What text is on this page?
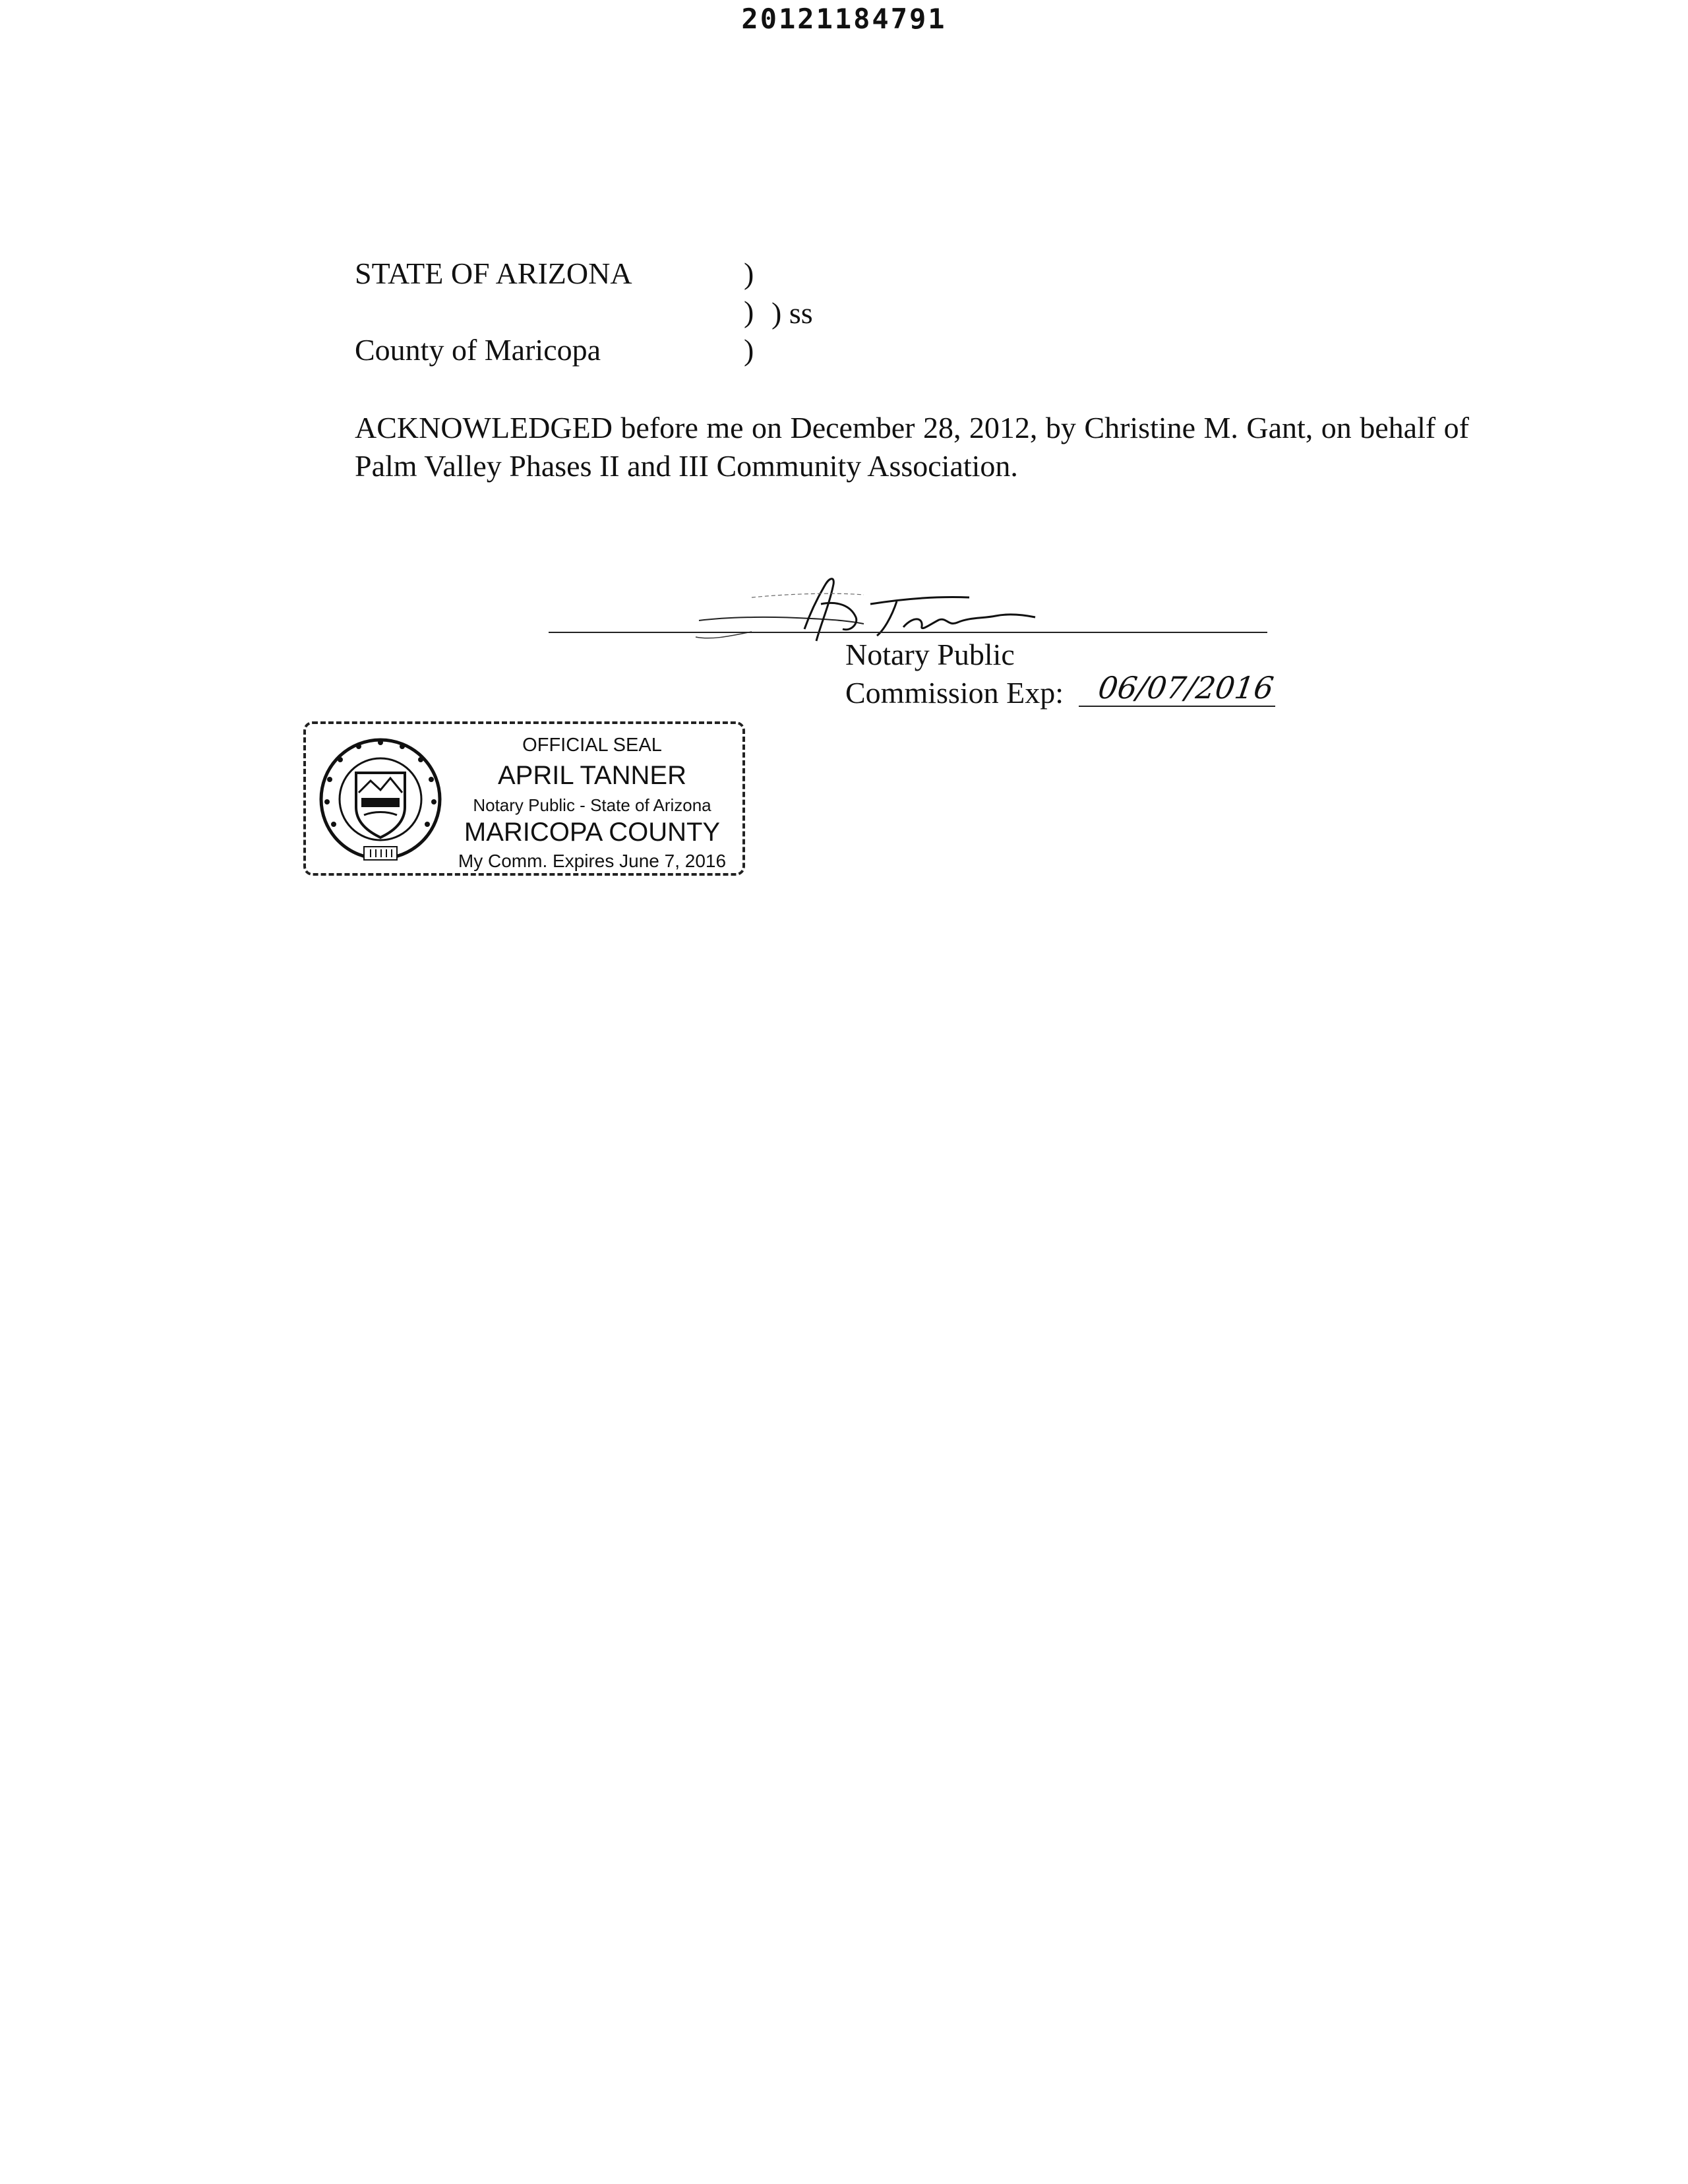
20121184791
STATE OF ARIZONA	)
) ) ss
County of Maricopa	)
ACKNOWLEDGED before me on December 28, 2012, by Christine M. Gant, on behalf of Palm Valley Phases II and III Community Association.
Notary Public
Commission Exp: 06/07/2016
OFFICIAL SEAL
APRIL TANNER
Notary Public - State of Arizona
MARICOPA COUNTY
My Comm. Expires June 7, 2016
